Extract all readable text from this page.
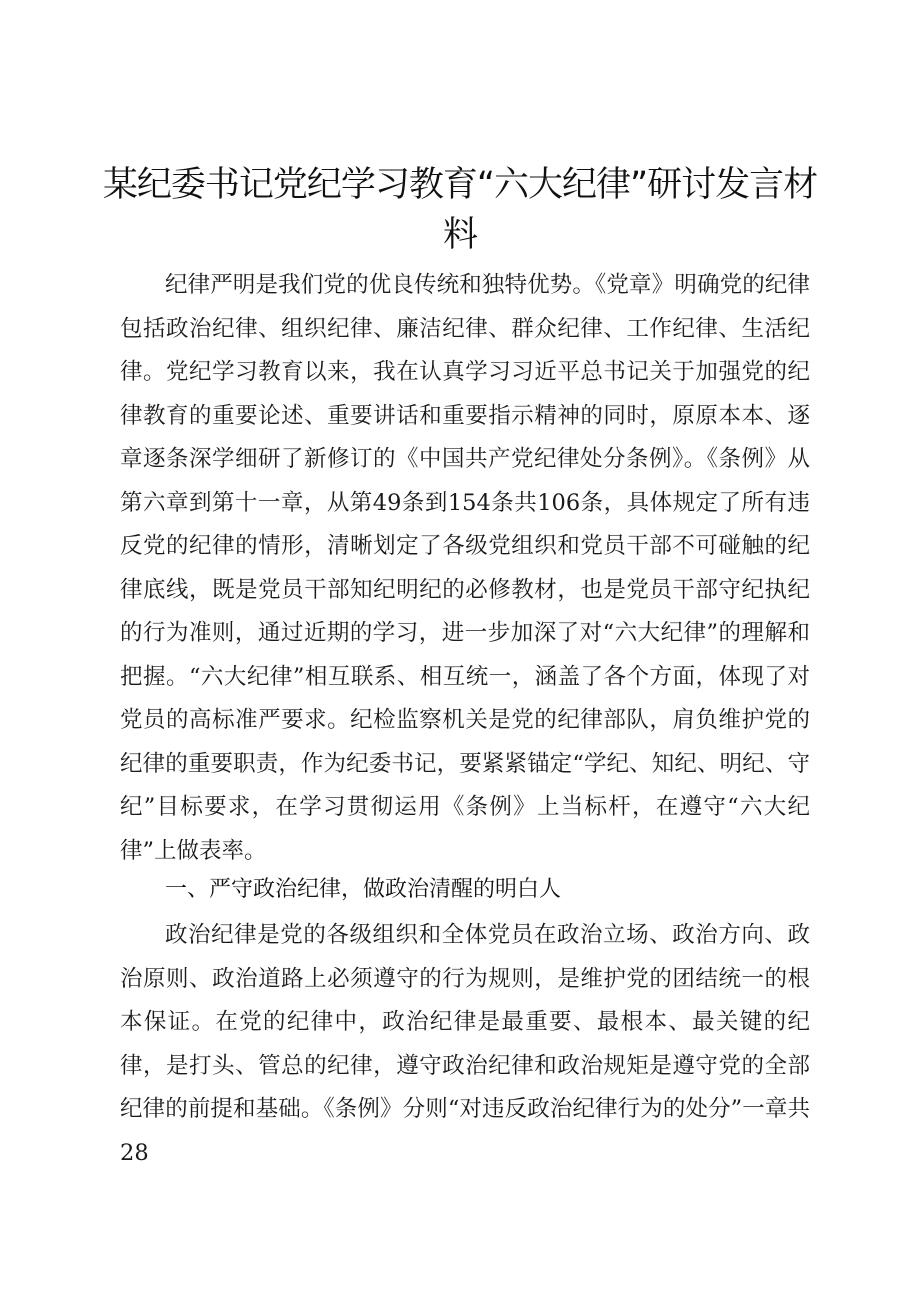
某纪委书记党纪学习教育“六大纪律”研讨发言材料

纪律严明是我们党的优良传统和独特优势。《党章》明确党的纪律包括政治纪律、组织纪律、廉洁纪律、群众纪律、工作纪律、生活纪律。党纪学习教育以来，我在认真学习习近平总书记关于加强党的纪律教育的重要论述、重要讲话和重要指示精神的同时，原原本本、逐章逐条深学细研了新修订的《中国共产党纪律处分条例》。《条例》从第六章到第十一章，从第49条到154条共106条，具体规定了所有违反党的纪律的情形，清晰划定了各级党组织和党员干部不可碰触的纪律底线，既是党员干部知纪明纪的必修教材，也是党员干部守纪执纪的行为准则，通过近期的学习，进一步加深了对“六大纪律”的理解和把握。“六大纪律”相互联系、相互统一，涵盖了各个方面，体现了对党员的高标准严要求。纪检监察机关是党的纪律部队，肩负维护党的纪律的重要职责，作为纪委书记，要紧紧锚定“学纪、知纪、明纪、守纪”目标要求，在学习贯彻运用《条例》上当标杆，在遵守“六大纪律”上做表率。

一、严守政治纪律，做政治清醒的明白人

政治纪律是党的各级组织和全体党员在政治立场、政治方向、政治原则、政治道路上必须遵守的行为规则，是维护党的团结统一的根本保证。在党的纪律中，政治纪律是最重要、最根本、最关键的纪律，是打头、管总的纪律，遵守政治纪律和政治规矩是遵守党的全部纪律的前提和基础。《条例》分则“对违反政治纪律行为的处分”一章共28
